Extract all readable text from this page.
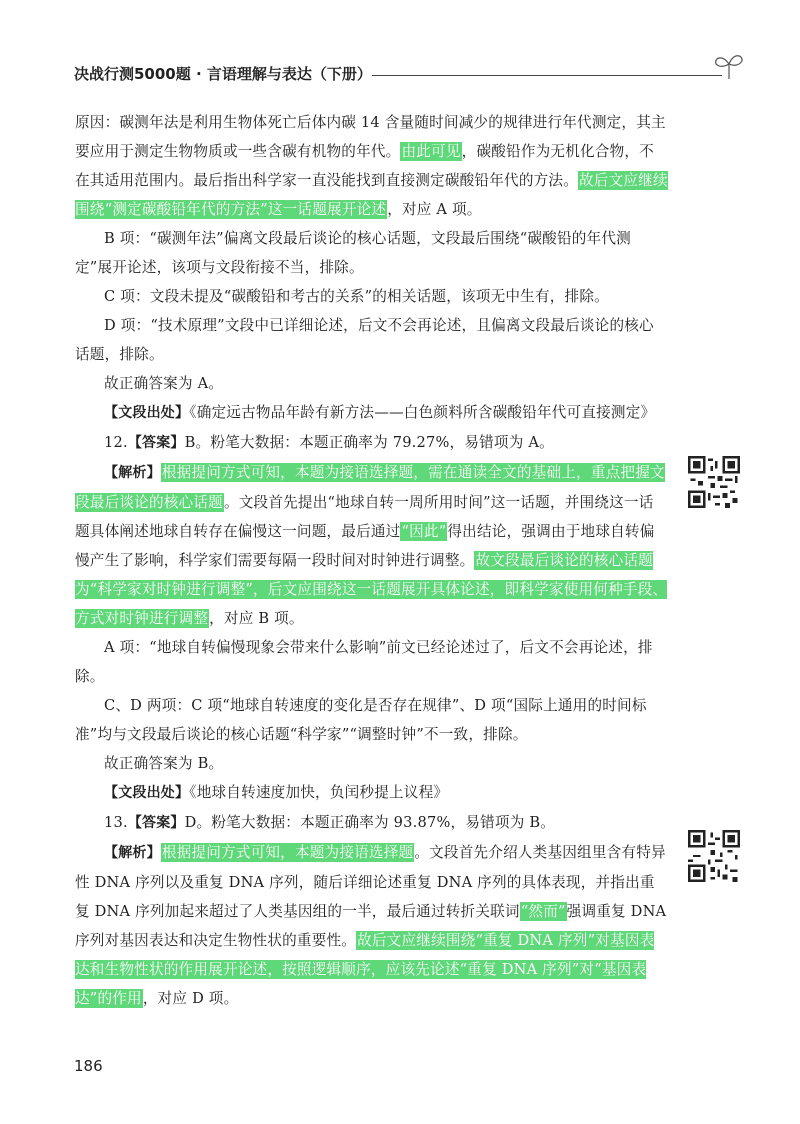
决战行测5000题 · 言语理解与表达（下册）

原因：碳测年法是利用生物体死亡后体内碳 14 含量随时间减少的规律进行年代测定，其主要应用于测定生物物质或一些含碳有机物的年代。由此可见，碳酸铅作为无机化合物，不在其适用范围内。最后指出科学家一直没能找到直接测定碳酸铅年代的方法。故后文应继续围绕“测定碳酸铅年代的方法”这一话题展开论述，对应 A 项。

B 项：“碳测年法”偏离文段最后谈论的核心话题，文段最后围绕“碳酸铅的年代测定”展开论述，该项与文段衔接不当，排除。

C 项：文段未提及“碳酸铅和考古的关系”的相关话题，该项无中生有，排除。

D 项：“技术原理”文段中已详细论述，后文不会再论述，且偏离文段最后谈论的核心话题，排除。

故正确答案为 A。

【文段出处】《确定远古物品年龄有新方法——白色颜料所含碳酸铅年代可直接测定》

12.【答案】B。粉笔大数据：本题正确率为 79.27%，易错项为 A。

【解析】根据提问方式可知，本题为接语选择题，需在通读全文的基础上，重点把握文段最后谈论的核心话题。文段首先提出“地球自转一周所用时间”这一话题，并围绕这一话题具体阐述地球自转存在偏慢这一问题，最后通过“因此”得出结论，强调由于地球自转偏慢产生了影响，科学家们需要每隔一段时间对时钟进行调整。故文段最后谈论的核心话题为“科学家对时钟进行调整”，后文应围绕这一话题展开具体论述，即科学家使用何种手段、方式对时钟进行调整，对应 B 项。

A 项：“地球自转偏慢现象会带来什么影响”前文已经论述过了，后文不会再论述，排除。

C、D 两项：C 项“地球自转速度的变化是否存在规律”、D 项“国际上通用的时间标准”均与文段最后谈论的核心话题“科学家”“调整时钟”不一致，排除。

故正确答案为 B。

【文段出处】《地球自转速度加快，负闰秒提上议程》

13.【答案】D。粉笔大数据：本题正确率为 93.87%，易错项为 B。

【解析】根据提问方式可知，本题为接语选择题。文段首先介绍人类基因组里含有特异性 DNA 序列以及重复 DNA 序列，随后详细论述重复 DNA 序列的具体表现，并指出重复 DNA 序列加起来超过了人类基因组的一半，最后通过转折关联词“然而”强调重复 DNA 序列对基因表达和决定生物性状的重要性。故后文应继续围绕“重复 DNA 序列”对基因表达和生物性状的作用展开论述，按照逻辑顺序，应该先论述“重复 DNA 序列”对“基因表达”的作用，对应 D 项。

186
